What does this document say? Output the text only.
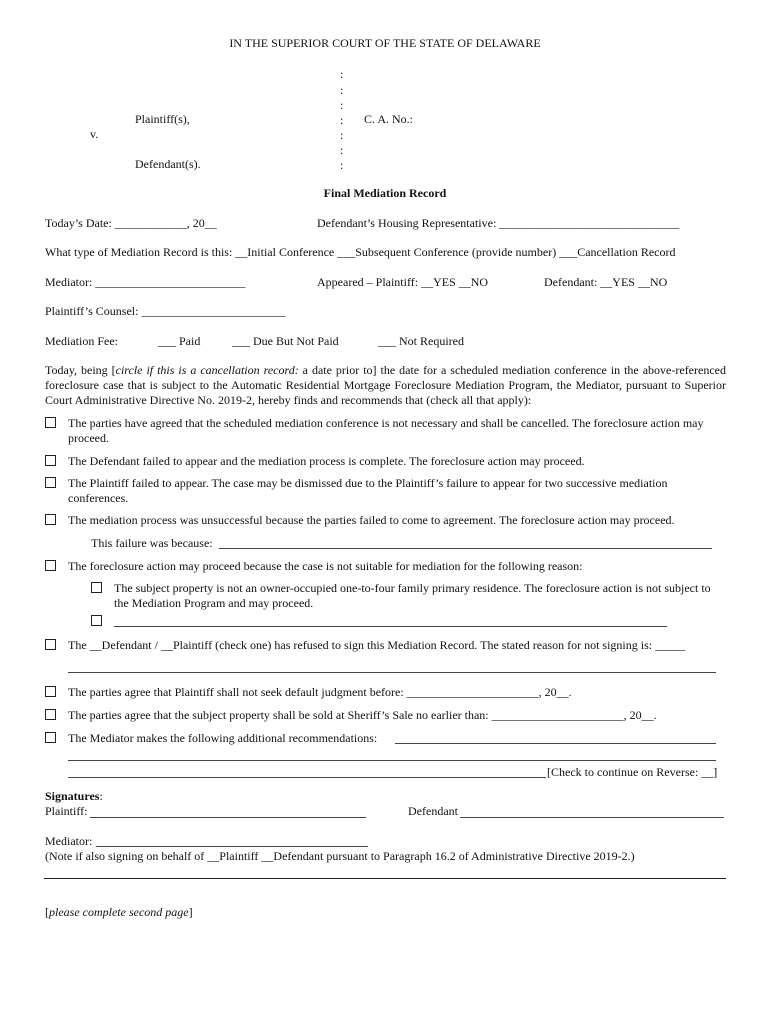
IN THE SUPERIOR COURT OF THE STATE OF DELAWARE
:
:
:
:
:
:
:
Plaintiff(s),
v.
Defendant(s).
C. A. No.:
Final Mediation Record
Today’s Date: ____________, 20__	Defendant’s Housing Representative: ______________________________
What type of Mediation Record is this: __Initial Conference ___Subsequent Conference (provide number) ___Cancellation Record
Mediator: _________________________	Appeared – Plaintiff: __YES __NO	Defendant: __YES __NO
Plaintiff’s Counsel: ________________________
Mediation Fee:	___ Paid	___ Due But Not Paid	___ Not Required
Today, being [circle if this is a cancellation record: a date prior to] the date for a scheduled mediation conference in the above-referenced foreclosure case that is subject to the Automatic Residential Mortgage Foreclosure Mediation Program, the Mediator, pursuant to Superior Court Administrative Directive No. 2019-2, hereby finds and recommends that (check all that apply):
The parties have agreed that the scheduled mediation conference is not necessary and shall be cancelled. The foreclosure action may proceed.
The Defendant failed to appear and the mediation process is complete. The foreclosure action may proceed.
The Plaintiff failed to appear. The case may be dismissed due to the Plaintiff’s failure to appear for two successive mediation conferences.
The mediation process was unsuccessful because the parties failed to come to agreement. The foreclosure action may proceed.
This failure was because:
The foreclosure action may proceed because the case is not suitable for mediation for the following reason:
The subject property is not an owner-occupied one-to-four family primary residence. The foreclosure action is not subject to the Mediation Program and may proceed.
The __Defendant / __Plaintiff (check one) has refused to sign this Mediation Record. The stated reason for not signing is: _____
The parties agree that Plaintiff shall not seek default judgment before: ______________________, 20__.
The parties agree that the subject property shall be sold at Sheriff’s Sale no earlier than: ______________________, 20__.
The Mediator makes the following additional recommendations:
[Check to continue on Reverse: __]
Signatures:
Plaintiff:	Defendant
Mediator:
(Note if also signing on behalf of __Plaintiff __Defendant pursuant to Paragraph 16.2 of Administrative Directive 2019-2.)
[please complete second page]
